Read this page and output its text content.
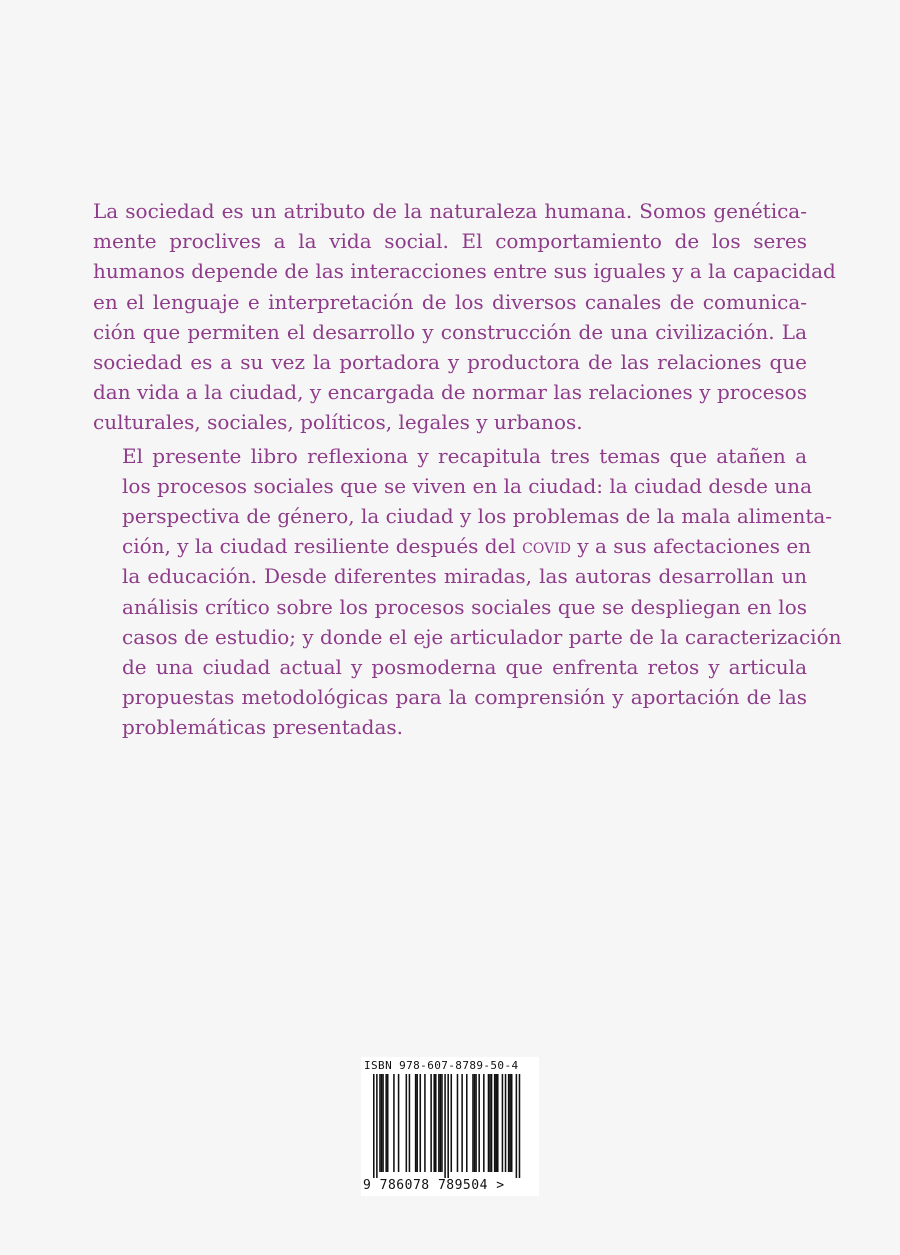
La sociedad es un atributo de la naturaleza humana. Somos genética-
mente proclives a la vida social. El comportamiento de los seres
humanos depende de las interacciones entre sus iguales y a la capacidad
en el lenguaje e interpretación de los diversos canales de comunica-
ción que permiten el desarrollo y construcción de una civilización. La
sociedad es a su vez la portadora y productora de las relaciones que
dan vida a la ciudad, y encargada de normar las relaciones y procesos
culturales, sociales, políticos, legales y urbanos.

El presente libro reflexiona y recapitula tres temas que atañen a
los procesos sociales que se viven en la ciudad: la ciudad desde una
perspectiva de género, la ciudad y los problemas de la mala alimenta-
ción, y la ciudad resiliente después del covid y a sus afectaciones en
la educación. Desde diferentes miradas, las autoras desarrollan un
análisis crítico sobre los procesos sociales que se despliegan en los
casos de estudio; y donde el eje articulador parte de la caracterización
de una ciudad actual y posmoderna que enfrenta retos y articula
propuestas metodológicas para la comprensión y aportación de las
problemáticas presentadas.

ISBN 978-607-8789-50-4
9 786078 789504 >
